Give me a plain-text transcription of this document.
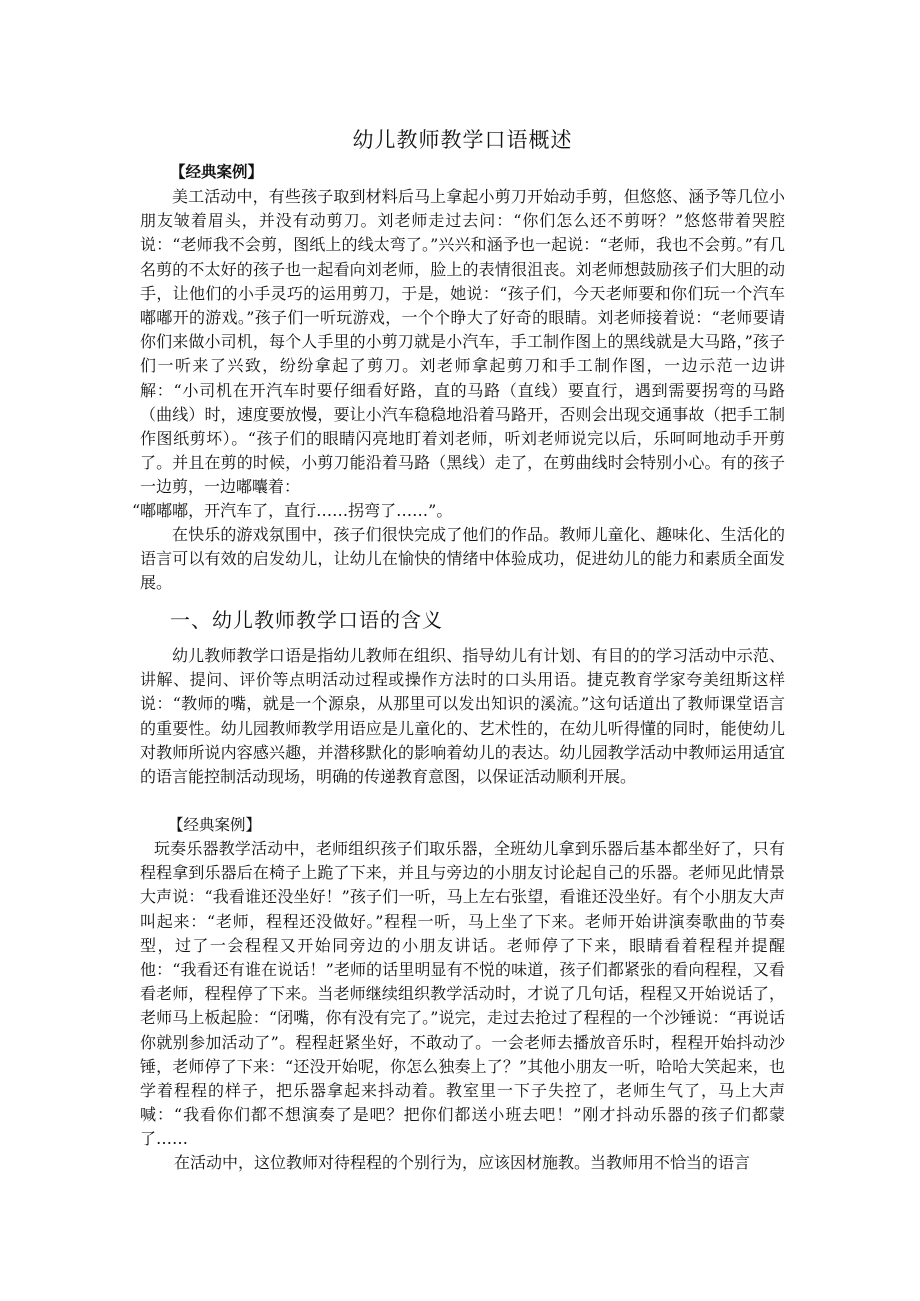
幼儿教师教学口语概述
【经典案例】
美工活动中，有些孩子取到材料后马上拿起小剪刀开始动手剪，但悠悠、涵予等几位小朋友皱着眉头，并没有动剪刀。刘老师走过去问：“你们怎么还不剪呀？”悠悠带着哭腔说：“老师我不会剪，图纸上的线太弯了。”兴兴和涵予也一起说：“老师，我也不会剪。”有几名剪的不太好的孩子也一起看向刘老师，脸上的表情很沮丧。刘老师想鼓励孩子们大胆的动手，让他们的小手灵巧的运用剪刀，于是，她说：“孩子们，今天老师要和你们玩一个汽车嘟嘟开的游戏。”孩子们一听玩游戏，一个个睁大了好奇的眼睛。刘老师接着说：“老师要请你们来做小司机，每个人手里的小剪刀就是小汽车，手工制作图上的黑线就是大马路，”孩子们一听来了兴致，纷纷拿起了剪刀。刘老师拿起剪刀和手工制作图，一边示范一边讲解：“小司机在开汽车时要仔细看好路，直的马路（直线）要直行，遇到需要拐弯的马路（曲线）时，速度要放慢，要让小汽车稳稳地沿着马路开，否则会出现交通事故（把手工制作图纸剪坏）。“孩子们的眼睛闪亮地盯着刘老师，听刘老师说完以后，乐呵呵地动手开剪了。并且在剪的时候，小剪刀能沿着马路（黑线）走了，在剪曲线时会特别小心。有的孩子一边剪，一边嘟囔着：
“嘟嘟嘟，开汽车了，直行……拐弯了……”。
在快乐的游戏氛围中，孩子们很快完成了他们的作品。教师儿童化、趣味化、生活化的语言可以有效的启发幼儿，让幼儿在愉快的情绪中体验成功，促进幼儿的能力和素质全面发展。
一、幼儿教师教学口语的含义
幼儿教师教学口语是指幼儿教师在组织、指导幼儿有计划、有目的的学习活动中示范、讲解、提问、评价等点明活动过程或操作方法时的口头用语。捷克教育学家夸美纽斯这样说：“教师的嘴，就是一个源泉，从那里可以发出知识的溪流。”这句话道出了教师课堂语言的重要性。幼儿园教师教学用语应是儿童化的、艺术性的，在幼儿听得懂的同时，能使幼儿对教师所说内容感兴趣，并潜移默化的影响着幼儿的表达。幼儿园教学活动中教师运用适宜的语言能控制活动现场，明确的传递教育意图，以保证活动顺利开展。
【经典案例】
玩奏乐器教学活动中，老师组织孩子们取乐器，全班幼儿拿到乐器后基本都坐好了，只有程程拿到乐器后在椅子上跪了下来，并且与旁边的小朋友讨论起自己的乐器。老师见此情景大声说：“我看谁还没坐好！”孩子们一听，马上左右张望，看谁还没坐好。有个小朋友大声叫起来：“老师，程程还没做好。”程程一听，马上坐了下来。老师开始讲演奏歌曲的节奏型，过了一会程程又开始同旁边的小朋友讲话。老师停了下来，眼睛看着程程并提醒他：“我看还有谁在说话！”老师的话里明显有不悦的味道，孩子们都紧张的看向程程，又看看老师，程程停了下来。当老师继续组织教学活动时，才说了几句话，程程又开始说话了，老师马上板起脸：“闭嘴，你有没有完了。”说完，走过去抢过了程程的一个沙锤说：“再说话你就别参加活动了”。程程赶紧坐好，不敢动了。一会老师去播放音乐时，程程开始抖动沙锤，老师停了下来：“还没开始呢，你怎么独奏上了？”其他小朋友一听，哈哈大笑起来，也学着程程的样子，把乐器拿起来抖动着。教室里一下子失控了，老师生气了，马上大声喊：“我看你们都不想演奏了是吧？把你们都送小班去吧！”刚才抖动乐器的孩子们都蒙了……
在活动中，这位教师对待程程的个别行为，应该因材施教。当教师用不恰当的语言
